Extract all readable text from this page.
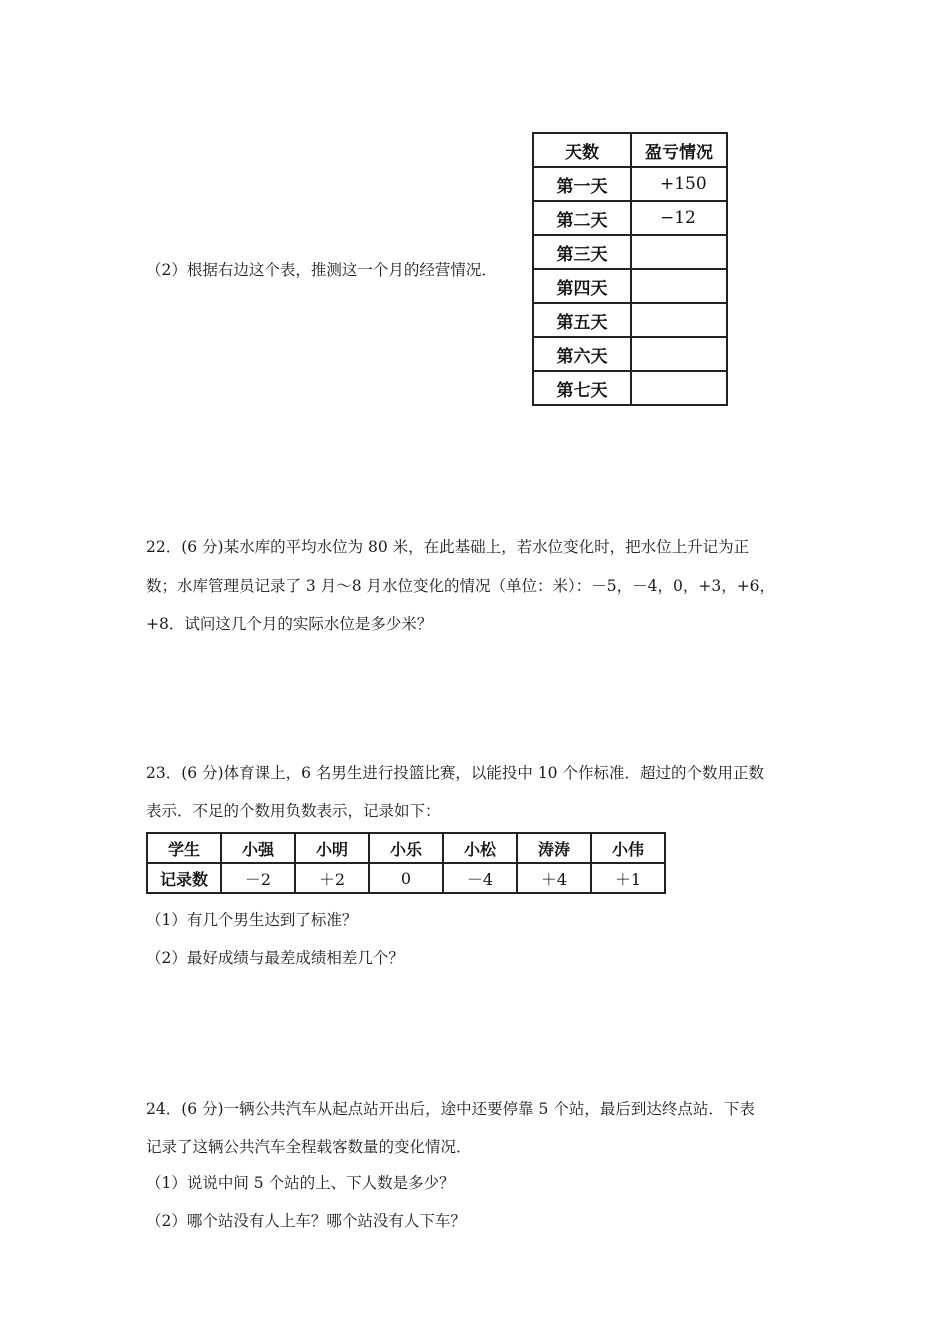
（2）根据右边这个表，推测这一个月的经营情况．
天数	盈亏情况
第一天	+150
第二天	−12
第三天	
第四天	
第五天	
第六天	
第七天	
22．(6 分)某水库的平均水位为 80 米，在此基础上，若水位变化时，把水位上升记为正
数；水库管理员记录了 3 月～8 月水位变化的情况（单位：米）：－5，－4，0，+3，+6，
+8．试问这几个月的实际水位是多少米？
23．(6 分)体育课上，6 名男生进行投篮比赛，以能投中 10 个作标准．超过的个数用正数
表示．不足的个数用负数表示，记录如下：
学生	小强	小明	小乐	小松	涛涛	小伟
记录数	－2	＋2	0	－4	＋4	＋1
（1）有几个男生达到了标准？
（2）最好成绩与最差成绩相差几个？
24．(6 分)一辆公共汽车从起点站开出后，途中还要停靠 5 个站，最后到达终点站．下表
记录了这辆公共汽车全程载客数量的变化情况．
（1）说说中间 5 个站的上、下人数是多少？
（2）哪个站没有人上车？哪个站没有人下车？
